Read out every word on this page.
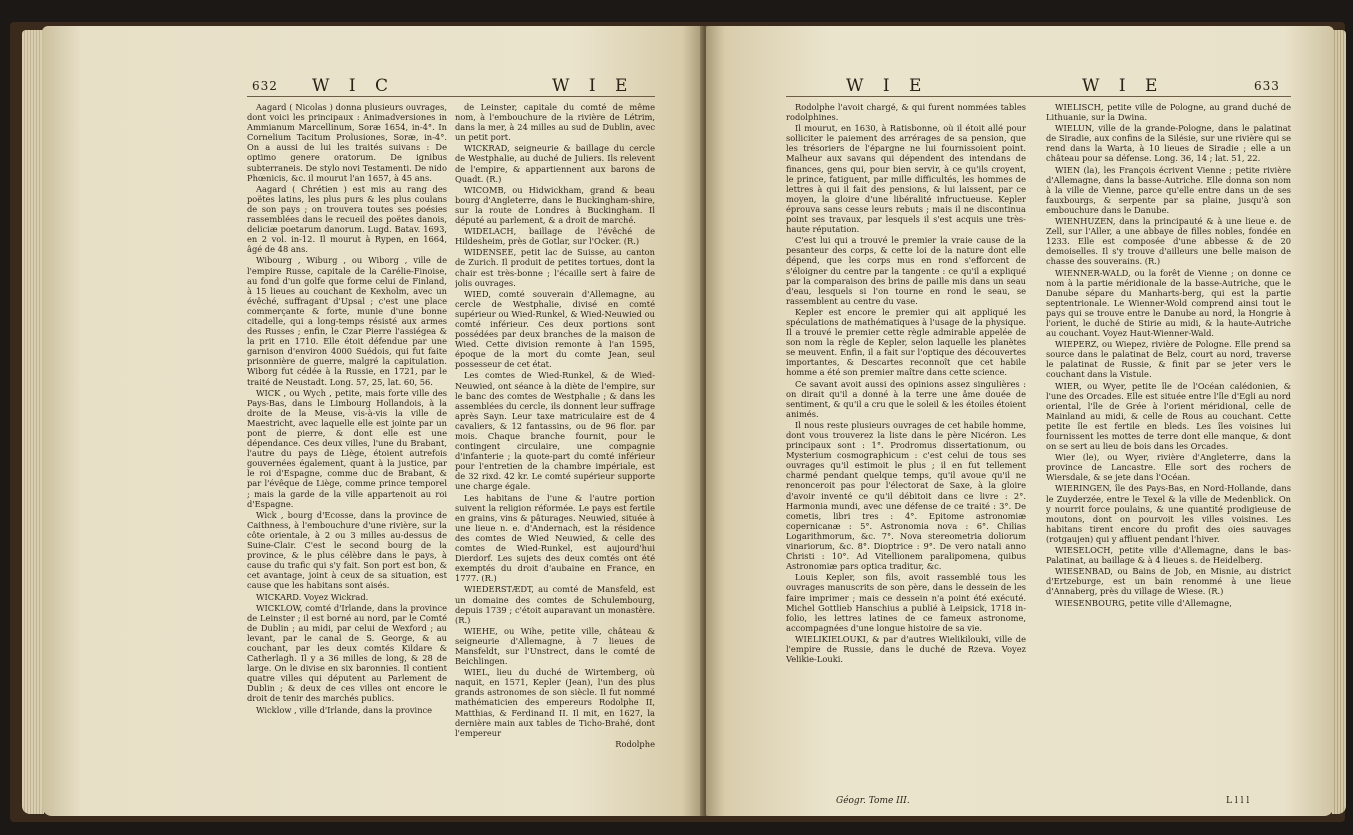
632 W I C	W I E

Aagard ( Nicolas ) donna plusieurs ouvrages, dont voici les principaux : Animadversiones in Ammianum Marcellinum, Soræ 1654, in-4°. In Cornelium Tacitum Prolusiones, Soræ, in-4°. On a aussi de lui les traités suivans : De optimo genere oratorum. De ignibus subterraneis. De stylo novi Testamenti. De nido Phœnicis, &c. il mourut l'an 1657, à 45 ans.

Aagard ( Chrétien ) est mis au rang des poëtes latins, les plus purs & les plus coulans de son pays ; on trouvera toutes ses poésies rassemblées dans le recueil des poëtes danois, deliciæ poetarum danorum. Lugd. Batav. 1693, en 2 vol. in-12. Il mourut à Rypen, en 1664, âgé de 48 ans.

Wibourg , Wiburg , ou Wiborg , ville de l'empire Russe, capitale de la Carélie-Finoise, au fond d'un golfe que forme celui de Finland, à 15 lieues au couchant de Kexholm, avec un évêché, suffragant d'Upsal ; c'est une place commerçante & forte, munie d'une bonne citadelle, qui a long-temps résisté aux armes des Russes ; enfin, le Czar Pierre l'assiégea & la prit en 1710. Elle étoit défendue par une garnison d'environ 4000 Suédois, qui fut faite prisonnière de guerre, malgré la capitulation. Wiborg fut cédée à la Russie, en 1721, par le traité de Neustadt. Long. 57, 25, lat. 60, 56.

WICK , ou Wych , petite, mais forte ville des Pays-Bas, dans le Limbourg Hollandois, à la droite de la Meuse, vis-à-vis la ville de Maestricht, avec laquelle elle est jointe par un pont de pierre, & dont elle est une dépendance. Ces deux villes, l'une du Brabant, l'autre du pays de Liège, étoient autrefois gouvernées également, quant à la justice, par le roi d'Espagne, comme duc de Brabant, & par l'évêque de Liège, comme prince temporel ; mais la garde de la ville appartenoit au roi d'Espagne.

Wick , bourg d'Ecosse, dans la province de Caithness, à l'embouchure d'une rivière, sur la côte orientale, à 2 ou 3 milles au-dessus de Suine-Clair. C'est le second bourg de la province, & le plus célèbre dans le pays, à cause du trafic qui s'y fait. Son port est bon, & cet avantage, joint à ceux de sa situation, est cause que les habitans sont aisés.

WICKARD. Voyez Wickrad.

WICKLOW, comté d'Irlande, dans la province de Leinster ; il est borné au nord, par le Comté de Dublin ; au midi, par celui de Wexford ; au levant, par le canal de S. George, & au couchant, par les deux comtés Kildare & Catherlagh. Il y a 36 milles de long, & 28 de large. On le divise en six baronnies. Il contient quatre villes qui députent au Parlement de Dublin ; & deux de ces villes ont encore le droit de tenir des marchés publics.

Wicklow , ville d'Irlande, dans la province

de Leinster, capitale du comté de même nom, à l'embouchure de la rivière de Létrim, dans la mer, à 24 milles au sud de Dublin, avec un petit port.

WICKRAD, seigneurie & baillage du cercle de Westphalie, au duché de Juliers. Ils relevent de l'empire, & appartiennent aux barons de Quadt. (R.)

WICOMB, ou Hidwickham, grand & beau bourg d'Angleterre, dans le Buckingham-shire, sur la route de Londres à Buckingham. Il député au parlement, & a droit de marché.

WIDELACH, baillage de l'évêché de Hildesheim, près de Gotlar, sur l'Ocker. (R.)

WIDENSEE, petit lac de Suisse, au canton de Zurich. Il produit de petites tortues, dont la chair est très-bonne ; l'écaille sert à faire de jolis ouvrages.

WIED, comté souverain d'Allemagne, au cercle de Westphalie, divisé en comté supérieur ou Wied-Runkel, & Wied-Neuwied ou comté inférieur. Ces deux portions sont possédées par deux branches de la maison de Wied. Cette division remonte à l'an 1595, époque de la mort du comte Jean, seul possesseur de cet état.

Les comtes de Wied-Runkel, & de Wied-Neuwied, ont séance à la diète de l'empire, sur le banc des comtes de Westphalie ; & dans les assemblées du cercle, ils donnent leur suffrage après Sayn. Leur taxe matriculaire est de 4 cavaliers, & 12 fantassins, ou de 96 flor. par mois. Chaque branche fournit, pour le contingent circulaire, une compagnie d'infanterie ; la quote-part du comté inférieur pour l'entretien de la chambre impériale, est de 32 rixd. 42 kr. Le comté supérieur supporte une charge égale.

Les habitans de l'une & l'autre portion suivent la religion réformée. Le pays est fertile en grains, vins & pâturages. Neuwied, située à une lieue n. e. d'Andernach, est la résidence des comtes de Wied Neuwied, & celle des comtes de Wied-Runkel, est aujourd'hui Dierdorf. Les sujets des deux comtés ont été exemptés du droit d'aubaine en France, en 1777. (R.)

WIEDERSTÆDT, au comté de Mansfeld, est un domaine des comtes de Schulembourg, depuis 1739 ; c'étoit auparavant un monastère. (R.)

WIEHE, ou Wihe, petite ville, château & seigneurie d'Allemagne, à 7 lieues de Mansfeldt, sur l'Unstrect, dans le comté de Beichlingen.

WIEL, lieu du duché de Wirtemberg, où naquit, en 1571, Kepler (Jean), l'un des plus grands astronomes de son siècle. Il fut nommé mathématicien des empereurs Rodolphe II, Matthias, & Ferdinand II. Il mit, en 1627, la dernière main aux tables de Ticho-Brahé, dont l'empereur

Rodolphe

W I E	W I E	633

Rodolphe l'avoit chargé, & qui furent nommées tables rodolphines.

Il mourut, en 1630, à Ratisbonne, où il étoit allé pour solliciter le paiement des arrérages de sa pension, que les trésoriers de l'épargne ne lui fournissoient point. Malheur aux savans qui dépendent des intendans de finances, gens qui, pour bien servir, à ce qu'ils croyent, le prince, fatiguent, par mille difficultés, les hommes de lettres à qui il fait des pensions, & lui laissent, par ce moyen, la gloire d'une libéralité infructueuse. Kepler éprouva sans cesse leurs rebuts ; mais il ne discontinua point ses travaux, par lesquels il s'est acquis une très-haute réputation.

C'est lui qui a trouvé le premier la vraie cause de la pesanteur des corps, & cette loi de la nature dont elle dépend, que les corps mus en rond s'efforcent de s'éloigner du centre par la tangente : ce qu'il a expliqué par la comparaison des brins de paille mis dans un seau d'eau, lesquels si l'on tourne en rond le seau, se rassemblent au centre du vase.

Kepler est encore le premier qui ait appliqué les spéculations de mathématiques à l'usage de la physique. Il a trouvé le premier cette règle admirable appelée de son nom la règle de Kepler, selon laquelle les planètes se meuvent. Enfin, il a fait sur l'optique des découvertes importantes, & Descartes reconnoît que cet habile homme a été son premier maître dans cette science.

Ce savant avoit aussi des opinions assez singulières : on dirait qu'il a donné à la terre une âme douée de sentiment, & qu'il a cru que le soleil & les étoiles étoient animés.

Il nous reste plusieurs ouvrages de cet habile homme, dont vous trouverez la liste dans le père Nicéron. Les principaux sont : 1°. Prodromus dissertationum, ou Mysterium cosmographicum : c'est celui de tous ses ouvrages qu'il estimoit le plus ; il en fut tellement charmé pendant quelque temps, qu'il avoue qu'il ne renonceroit pas pour l'électorat de Saxe, à la gloire d'avoir inventé ce qu'il débitoit dans ce livre : 2°. Harmonia mundi, avec une défense de ce traité : 3°. De cometis, libri tres : 4°. Epitome astronomiæ copernicanæ : 5°. Astronomia nova : 6°. Chilias Logarithmorum, &c. 7°. Nova stereometria doliorum vinariorum, &c. 8°. Dioptrice : 9°. De vero natali anno Christi : 10°. Ad Vitellionem paralipomena, quibus Astronomiæ pars optica traditur, &c.

Louis Kepler, son fils, avoit rassemblé tous les ouvrages manuscrits de son père, dans le dessein de les faire imprimer ; mais ce dessein n'a point été exécuté. Michel Gottlieb Hanschius a publié à Leipsick, 1718 in-folio, les lettres latines de ce fameux astronome, accompagnées d'une longue histoire de sa vie.

WIELIKIELOUKI, & par d'autres Wielikilouki, ville de l'empire de Russie, dans le duché de Rzeva. Voyez Velikie-Louki.

WIELISCH, petite ville de Pologne, au grand duché de Lithuanie, sur la Dwina.

WIELUN, ville de la grande-Pologne, dans le palatinat de Siradie, aux confins de la Silésie, sur une rivière qui se rend dans la Warta, à 10 lieues de Siradie ; elle a un château pour sa défense. Long. 36, 14 ; lat. 51, 22.

WIEN (la), les François écrivent Vienne ; petite rivière d'Allemagne, dans la basse-Autriche. Elle donna son nom à la ville de Vienne, parce qu'elle entre dans un de ses fauxbourgs, & serpente par sa plaine, jusqu'à son embouchure dans le Danube.

WIENHUZEN, dans la principauté & à une lieue e. de Zell, sur l'Aller, a une abbaye de filles nobles, fondée en 1233. Elle est composée d'une abbesse & de 20 demoiselles. Il s'y trouve d'ailleurs une belle maison de chasse des souverains. (R.)

WIENNER-WALD, ou la forêt de Vienne ; on donne ce nom à la partie méridionale de la basse-Autriche, que le Danube sépare du Manharts-berg, qui est la partie septentrionale. Le Wienner-Wold comprend ainsi tout le pays qui se trouve entre le Danube au nord, la Hongrie à l'orient, le duché de Stirie au midi, & la haute-Autriche au couchant. Voyez Haut-Wienner-Wald.

WIEPERZ, ou Wiepez, rivière de Pologne. Elle prend sa source dans le palatinat de Belz, court au nord, traverse le palatinat de Russie, & finit par se jeter vers le couchant dans la Vistule.

WIER, ou Wyer, petite île de l'Océan calédonien, & l'une des Orcades. Elle est située entre l'île d'Egli au nord oriental, l'île de Grée à l'orient méridional, celle de Mainland au midi, & celle de Rous au couchant. Cette petite île est fertile en bleds. Les îles voisines lui fournissent les mottes de terre dont elle manque, & dont on se sert au lieu de bois dans les Orcades.

Wier (le), ou Wyer, rivière d'Angleterre, dans la province de Lancastre. Elle sort des rochers de Wiersdale, & se jete dans l'Océan.

WIERINGEN, île des Pays-Bas, en Nord-Hollande, dans le Zuyderzée, entre le Texel & la ville de Medenblick. On y nourrit force poulains, & une quantité prodigieuse de moutons, dont on pourvoit les villes voisines. Les habitans tirent encore du profit des oies sauvages (rotgaujen) qui y affluent pendant l'hiver.

WIESELOCH, petite ville d'Allemagne, dans le bas-Palatinat, au baillage & à 4 lieues s. de Heidelberg.

WIESENBAD, ou Bains de Job, en Misnie, au district d'Ertzeburge, est un bain renommé à une lieue d'Annaberg, près du village de Wiese. (R.)

WIESENBOURG, petite ville d'Allemagne,

Géogr. Tome III.	L l l l
